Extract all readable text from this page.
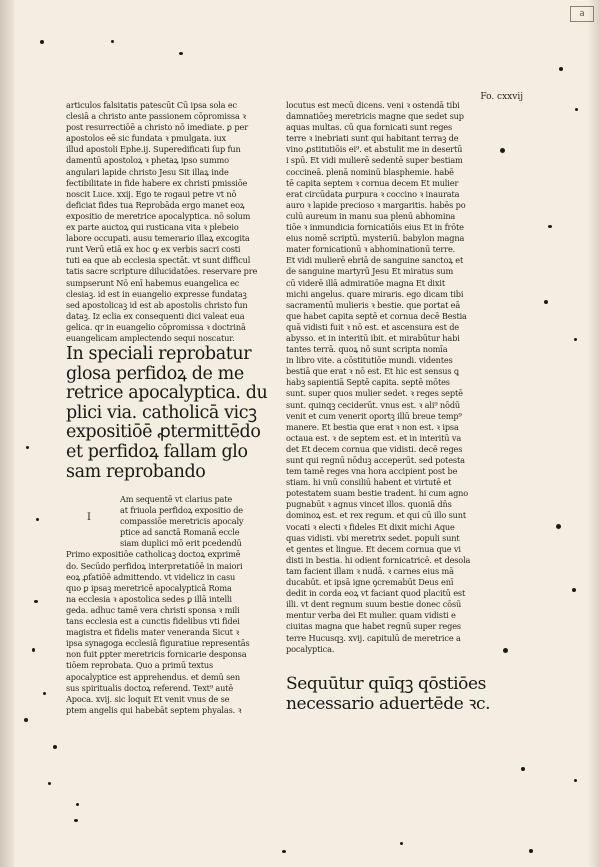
a
Fo. cxxvij

articulos falsitatis patescūt Cū ipsa sola ec

clesiā a christo ante passionem cōpromissa ꝛ

post resurrectiōē a christo nō imediate. ꝑ per

apostolos eē sic fundata ꝛ pmulgata. iux

illud apostoli Ephe.ij. Superedificati ſup fun

damentū apostoloꝝ ꝛ phetaꝝ ipso summo

angulari lapide christo Jesu Sit illaꝝ inde

fectibilitate in fide habere ex christi pmissiōe

noscit Luce. xxij. Ego te rogaui petre vt nō

deficiat fides tua Reprobāda ergo manet eoꝝ

expositio de meretrice apocalyptica. nō solum

ex parte auctoꝝ qui rusticana vita ꝛ plebeio

labore occupati. ausu temerario illaꝝ excogita

runt Verū etiā ex hoc ꝙ ex verbis sacri costi

tuti ea que ab ecclesia spectāt. vt sunt difficul

tatis sacre scripture dilucidatōes. reservare pre

sumpserunt Nō enī habemus euangelica ec

clesiaꝫ. id est in euangelio expresse fundataꝫ

sed apostolicaꝫ id est ab apostolis christo fun

dataꝫ. Iz eclia ex consequenti dici valeat eua

gelica. qr in euangelio cōpromissa ꝛ doctrinā

euangelicam amplectendo sequi noscatur.

In speciali reprobatur

glosa perfidoꝝ de me

retrice apocalyptica. du

plici via. catholicā vicꝫ

expositiōē ꝓtermittēdo

et perfidoꝝ fallam glo

sam reprobando

I

Am sequentē vt clarius pate

at friuola perfidoꝝ expositio de

compassiōe meretricis apocaly

ptice ad sanctā Romanā eccle

siam duplici mō erit pcedendū

Primo expositiōe catholicaꝫ doctoꝝ exprimē

do. Secūdo perfidoꝝ interpretatiōē in maiori

eoꝝ ꝓfatiōē admittendo. vt videlicz in casu

quo ꝑ ipsaꝫ meretricē apocalypticā Roma

na ecclesia ꝛ apostolica sedes ꝑ illā intelli

geda. adhuc tamē vera christi sponsa ꝛ mili

tans ecclesia est a cunctis fidelibus vti fidei

magistra et fidelis mater veneranda Sicut ꝛ

ipsa synagoga ecclesiā figuratiue representās

non fuit ꝑpter meretricis fornicarie desponsa

tiōem reprobata. Quo a primū textus

apocalyptice est apprehendus. et demū sen

sus spiritualis doctoꝝ referend. Text⁹ autē

Apoca. xvij. sic loquit Et venit vnus de se

ptem angelis qui habebāt septem phyalas. ꝛ

locutus est mecū dicens. veni ꝛ ostendā tibi

damnatiōeꝫ meretricis magne que sedet sup

aquas multas. cū qua fornicati sunt reges

terre ꝛ inebriati sunt qui habitant terraꝫ de

vino ꝓstitutiōis ei⁹. et abstulit me in desertū

i spū. Et vidi mulierē sedentē super bestiam

coccineā. plenā nominū blasphemie. habē

tē capita septem ꝛ cornua decem Et mulier

erat circūdata ꝑurpura ꝛ coccino ꝛ inaurata

auro ꝛ lapide precioso ꝛ margaritis. habēs po

culū aureum in manu sua plenū abhomina

tiōe ꝛ inmundicia fornicatiōis eius Et in frōte

eius nomē scriptū. mysteriū. babylon magna

mater fornicationū ꝛ abhominationū terre.

Et vidi mulierē ebriā de sanguine sanctoꝝ et

de sanguine martyrū Jesu Et miratus sum

cū viderē illā admiratiōe magna Et dixit

michi angelus. quare miraris. ego dicam tibi

sacramentū mulieris ꝛ bestie. que portat eā

que habet capita septē et cornua decē Bestia

quā vidisti fuit ꝛ nō est. et ascensura est de

abysso. et in interitū ibit. et mirabūtur habi

tantes terrā. quoꝝ nō sunt scripta nomīa

in libro vite. a cōstitutiōe mundi. videntes

bestiā que erat ꝛ nō est. Et hic est sensus ꝗ

habꝫ sapientiā Septē capita. septē mōtes

sunt. super quos mulier sedet. ꝛ reges septē

sunt. quinqꝫ ceciderūt. vnus est. ꝛ ali⁹ nōdū

venit et cum venerit oportꝫ illū breue temp⁹

manere. Et bestia que erat ꝛ non est. ꝛ ipsa

octaua est. ꝛ de septem est. et in interitū va

det Et decem cornua que vidisti. decē reges

sunt qui regnū nōduꝫ acceperūt. sed potesta

tem tamē reges vna hora accipient post be

stiam. hi vnū consiliū habent et virtutē et

potestatem suam bestie tradent. hi cum agno

pugnabūt ꝛ agnus vincet illos. quoniā dn̄s

dominoꝝ est. et rex regum. et qui cū illo sunt

vocati ꝛ electi ꝛ fideles Et dixit michi Aque

quas vidisti. vbi meretrix sedet. populi sunt

et gentes et lingue. Et decem cornua que vi

disti in bestia. hi odient fornicatricē. et desola

tam facient illam ꝛ nudā. ꝛ carnes eius mā

ducabūt. et ipsā igne ꝯcremabūt Deus enī

dedit in corda eoꝝ vt faciant quod placitū est

illi. vt dent regnum suum bestie donec cōsū

mentur verba dei Et mulier. quam vidisti e

ciuitas magna que habet regnū super reges

terre Hucusqꝫ. xvij. capitulū de meretrice a

pocalyptica.

Sequūtur quīqꝫ qōstiōes

necessario aduertēde ꝛc.
